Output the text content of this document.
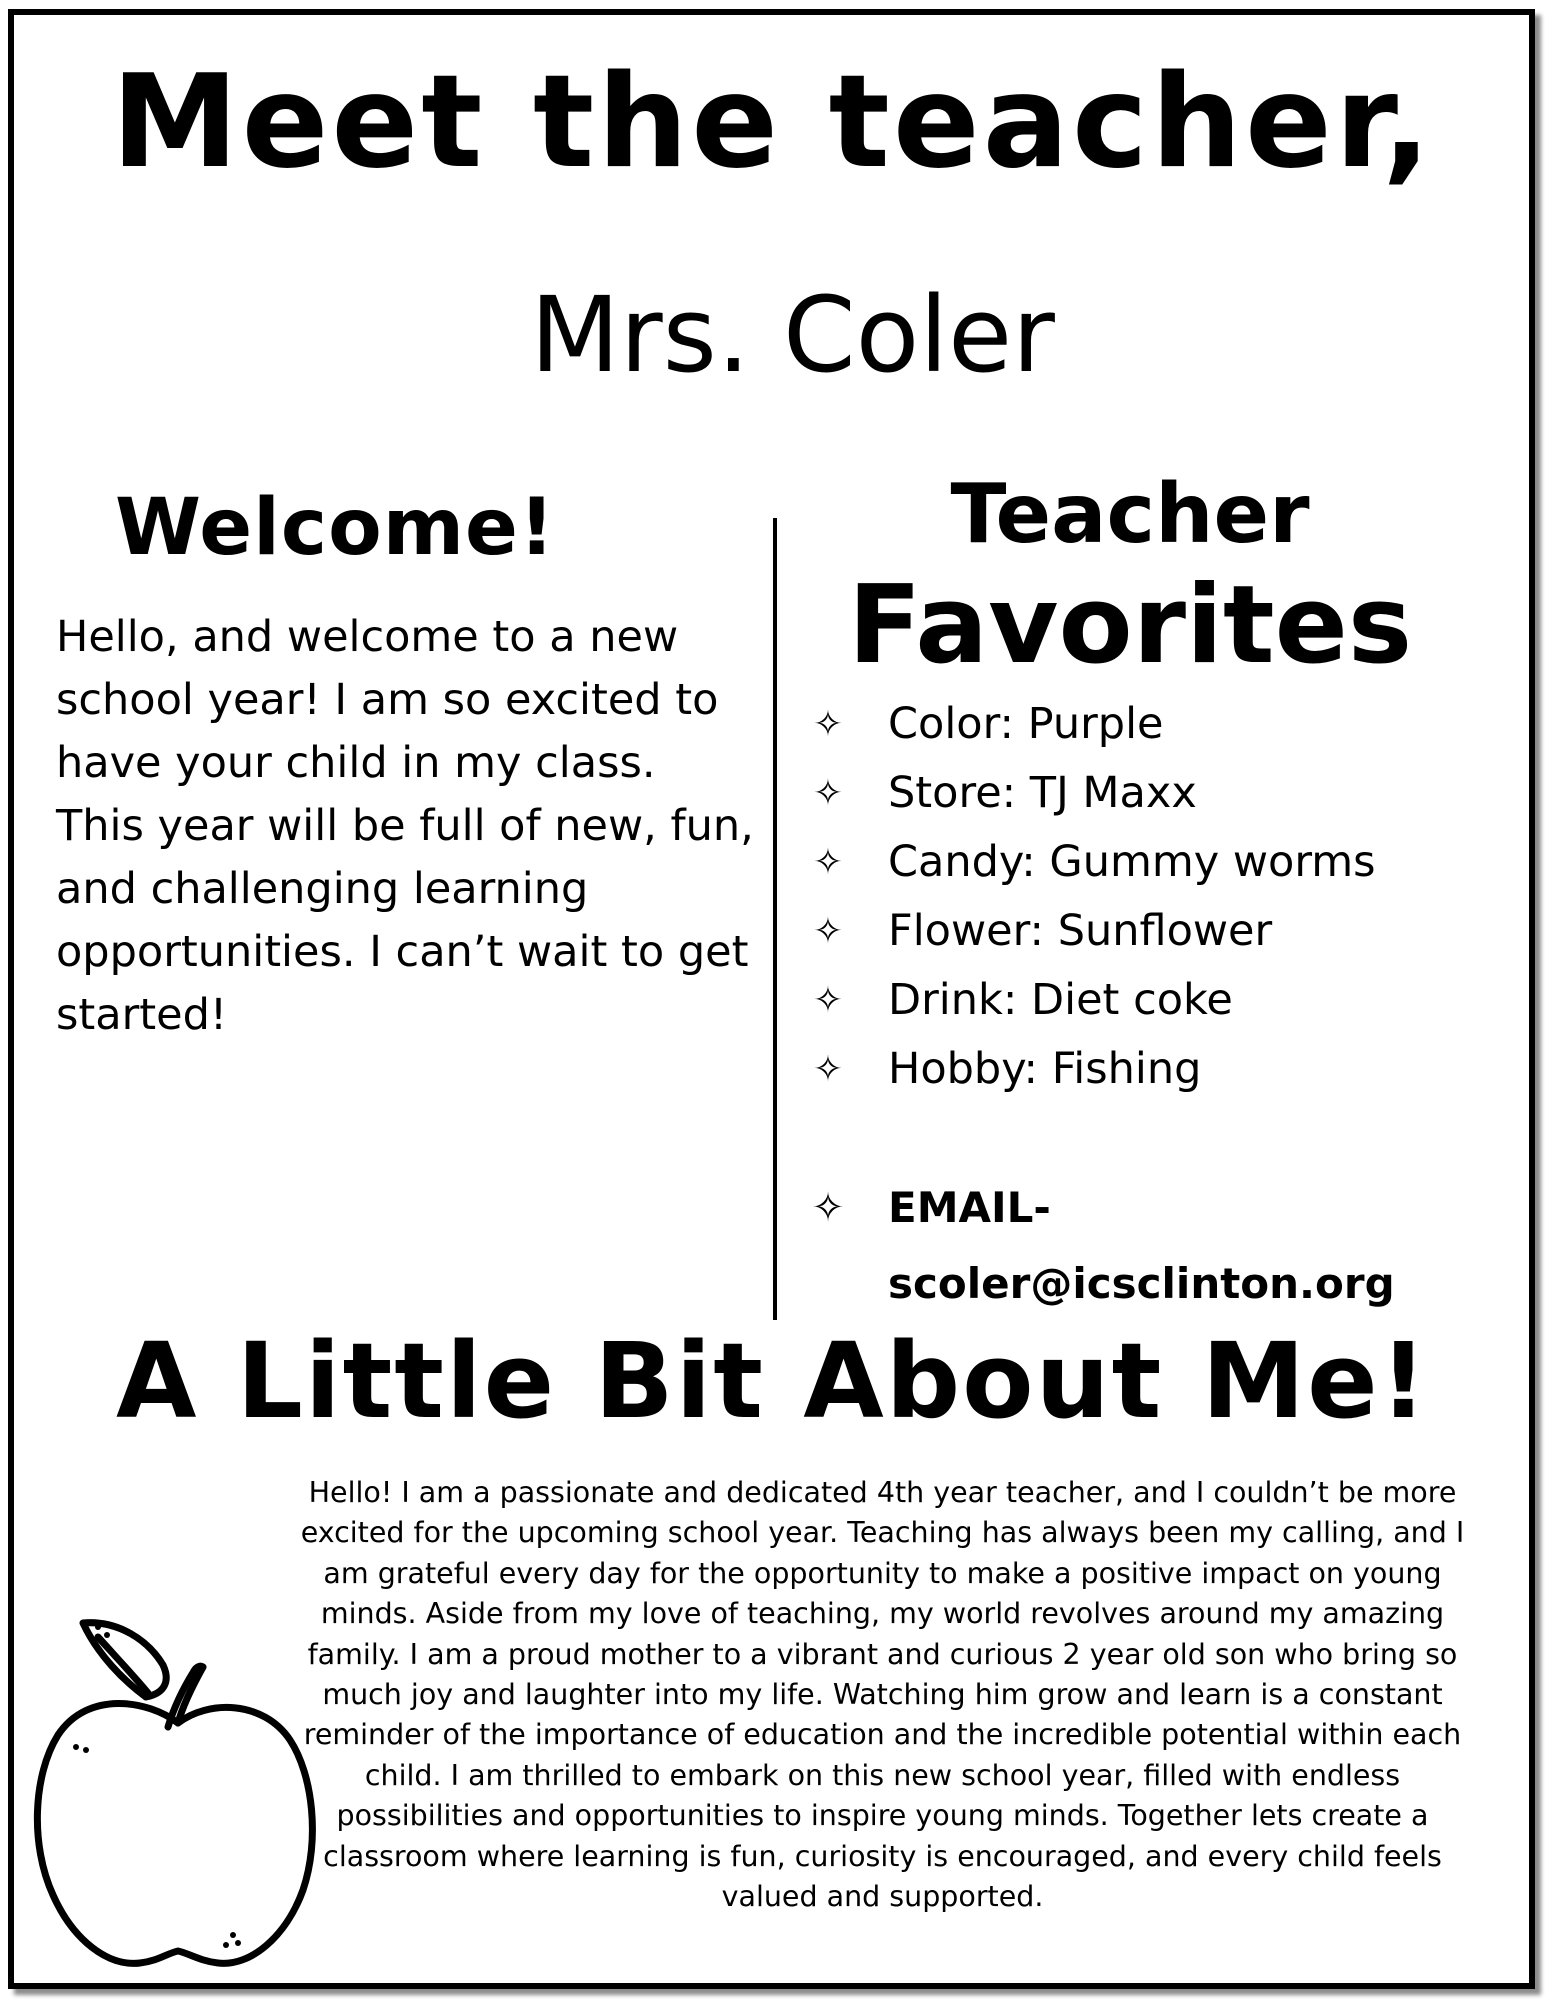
Meet the teacher,
Mrs. Coler
Welcome!
Hello, and welcome to a new school year! I am so excited to have your child in my class. This year will be full of new, fun, and challenging learning opportunities. I can’t wait to get started!
Teacher
Favorites
✧ Color: Purple
✧ Store: TJ Maxx
✧ Candy: Gummy worms
✧ Flower: Sunflower
✧ Drink: Diet coke
✧ Hobby: Fishing
✧ EMAIL-
scoler@icsclinton.org
A Little Bit About Me!
Hello! I am a passionate and dedicated 4th year teacher, and I couldn’t be more excited for the upcoming school year. Teaching has always been my calling, and I am grateful every day for the opportunity to make a positive impact on young minds. Aside from my love of teaching, my world revolves around my amazing family. I am a proud mother to a vibrant and curious 2 year old son who bring so much joy and laughter into my life. Watching him grow and learn is a constant reminder of the importance of education and the incredible potential within each child. I am thrilled to embark on this new school year, filled with endless possibilities and opportunities to inspire young minds. Together lets create a classroom where learning is fun, curiosity is encouraged, and every child feels valued and supported.
